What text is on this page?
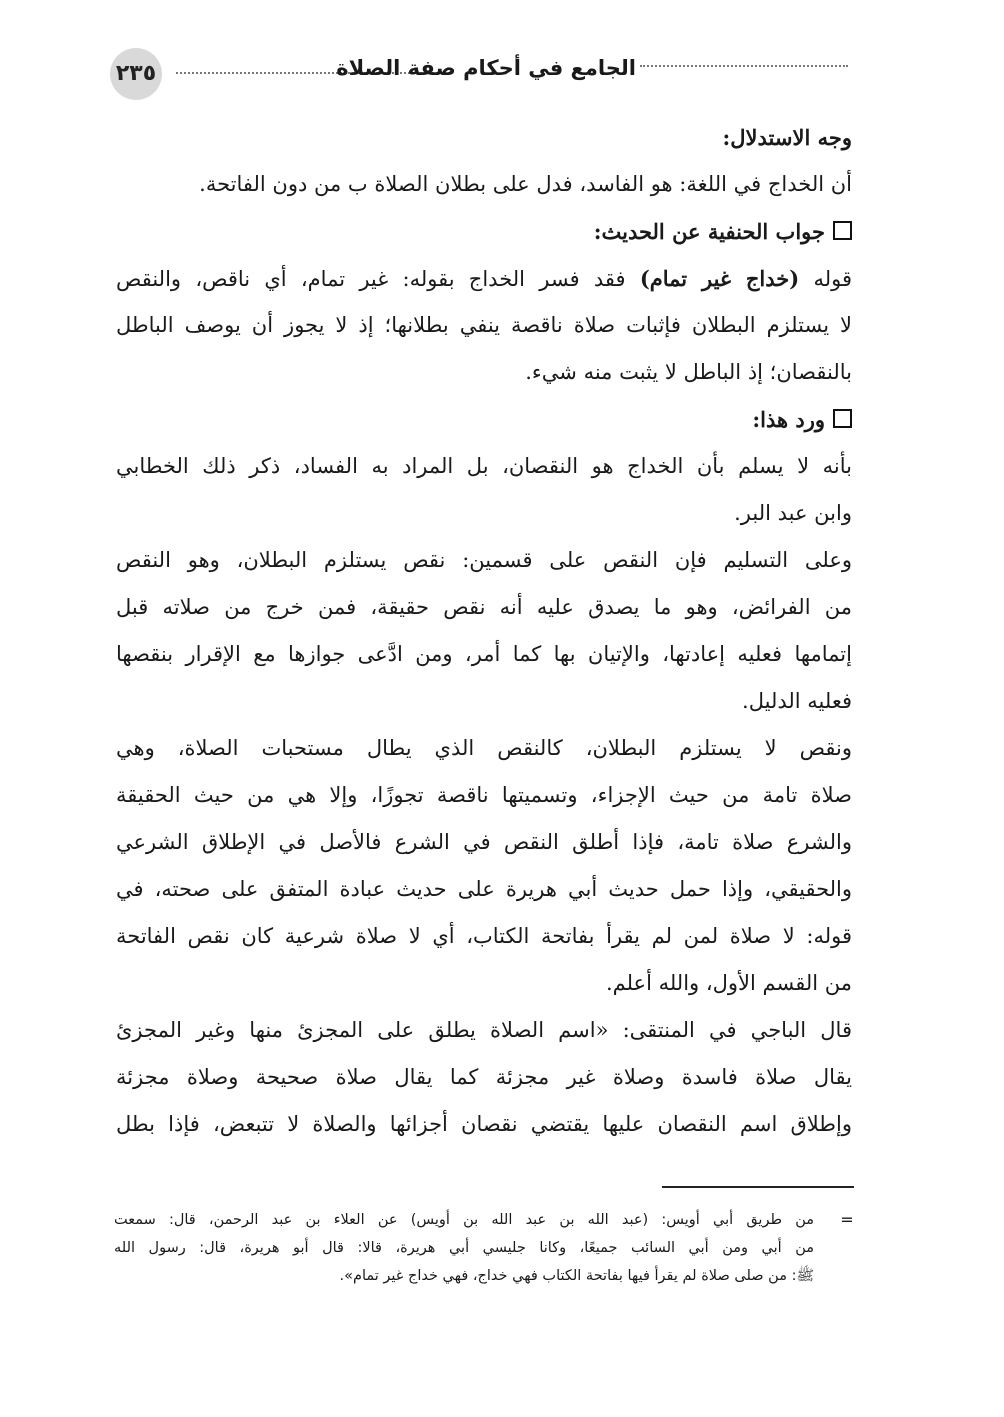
٢٣٥	الجامع في أحكام صفة الصلاة
وجه الاستدلال:
أن الخداج في اللغة: هو الفاسد، فدل على بطلان الصلاة ب من دون الفاتحة.
جواب الحنفية عن الحديث:
قوله (خداج غير تمام) فقد فسر الخداج بقوله: غير تمام، أي ناقص، والنقص
لا يستلزم البطلان فإثبات صلاة ناقصة ينفي بطلانها؛ إذ لا يجوز أن يوصف الباطل
بالنقصان؛ إذ الباطل لا يثبت منه شيء.
ورد هذا:
بأنه لا يسلم بأن الخداج هو النقصان، بل المراد به الفساد، ذكر ذلك الخطابي
وابن عبد البر.
وعلى التسليم فإن النقص على قسمين: نقص يستلزم البطلان، وهو النقص
من الفرائض، وهو ما يصدق عليه أنه نقص حقيقة، فمن خرج من صلاته قبل
إتمامها فعليه إعادتها، والإتيان بها كما أمر، ومن ادَّعى جوازها مع الإقرار بنقصها
فعليه الدليل.
ونقص لا يستلزم البطلان، كالنقص الذي يطال مستحبات الصلاة، وهي
صلاة تامة من حيث الإجزاء، وتسميتها ناقصة تجوزًا، وإلا هي من حيث الحقيقة
والشرع صلاة تامة، فإذا أطلق النقص في الشرع فالأصل في الإطلاق الشرعي
والحقيقي، وإذا حمل حديث أبي هريرة على حديث عبادة المتفق على صحته، في
قوله: لا صلاة لمن لم يقرأ بفاتحة الكتاب، أي لا صلاة شرعية كان نقص الفاتحة
من القسم الأول، والله أعلم.
قال الباجي في المنتقى: «اسم الصلاة يطلق على المجزئ منها وغير المجزئ
يقال صلاة فاسدة وصلاة غير مجزئة كما يقال صلاة صحيحة وصلاة مجزئة
وإطلاق اسم النقصان عليها يقتضي نقصان أجزائها والصلاة لا تتبعض، فإذا بطل
=
من طريق أبي أويس: (عبد الله بن عبد الله بن أويس) عن العلاء بن عبد الرحمن، قال: سمعت
من أبي ومن أبي السائب جميعًا، وكانا جليسي أبي هريرة، قالا: قال أبو هريرة، قال: رسول الله
ﷺ: من صلى صلاة لم يقرأ فيها بفاتحة الكتاب فهي خداج، فهي خداج غير تمام».
